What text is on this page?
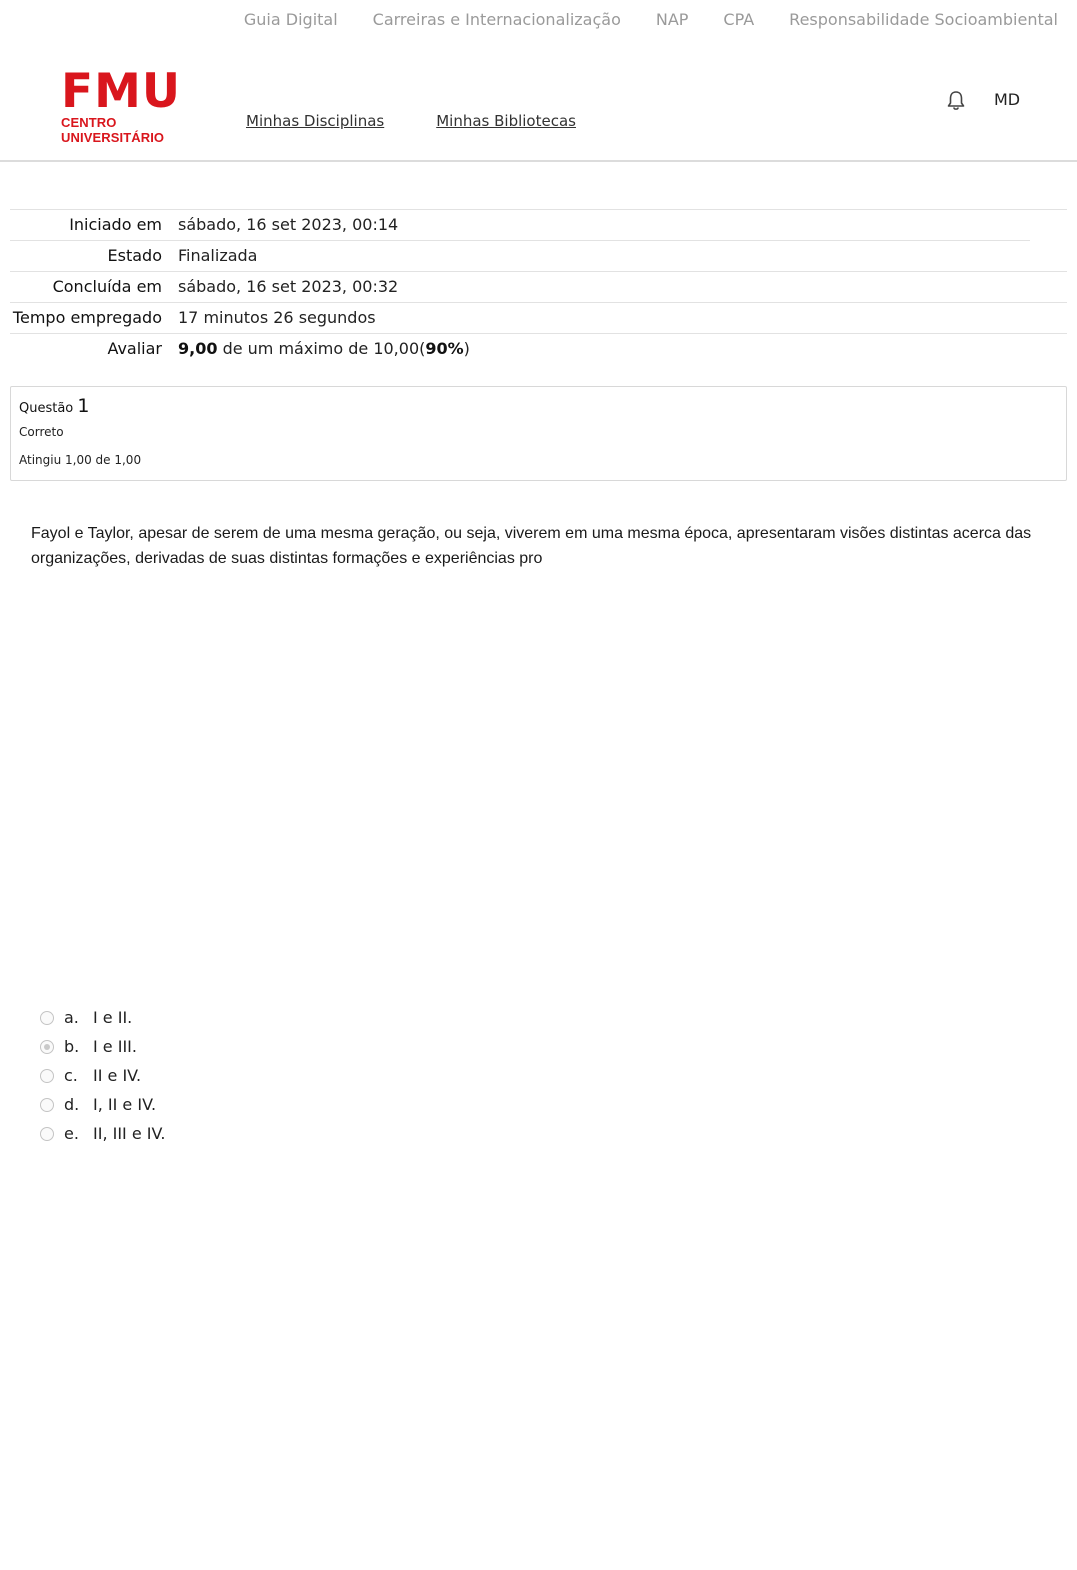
Guia Digital Carreiras e Internacionalização NAP CPA Responsabilidade Socioambiental
FMU
CENTRO UNIVERSITÁRIO
Minhas Disciplinas	Minhas Bibliotecas
MD
Iniciado em	sábado, 16 set 2023, 00:14
Estado	Finalizada
Concluída em	sábado, 16 set 2023, 00:32
Tempo empregado	17 minutos 26 segundos
Avaliar	9,00 de um máximo de 10,00(90%)
Questão 1
Correto
Atingiu 1,00 de 1,00
Fayol e Taylor, apesar de serem de uma mesma geração, ou seja, viverem em uma mesma época, apresentaram visões distintas acerca das organizações, derivadas de suas distintas formações e experiências pro
a. I e II.
b. I e III.
c. II e IV.
d. I, II e IV.
e. II, III e IV.
